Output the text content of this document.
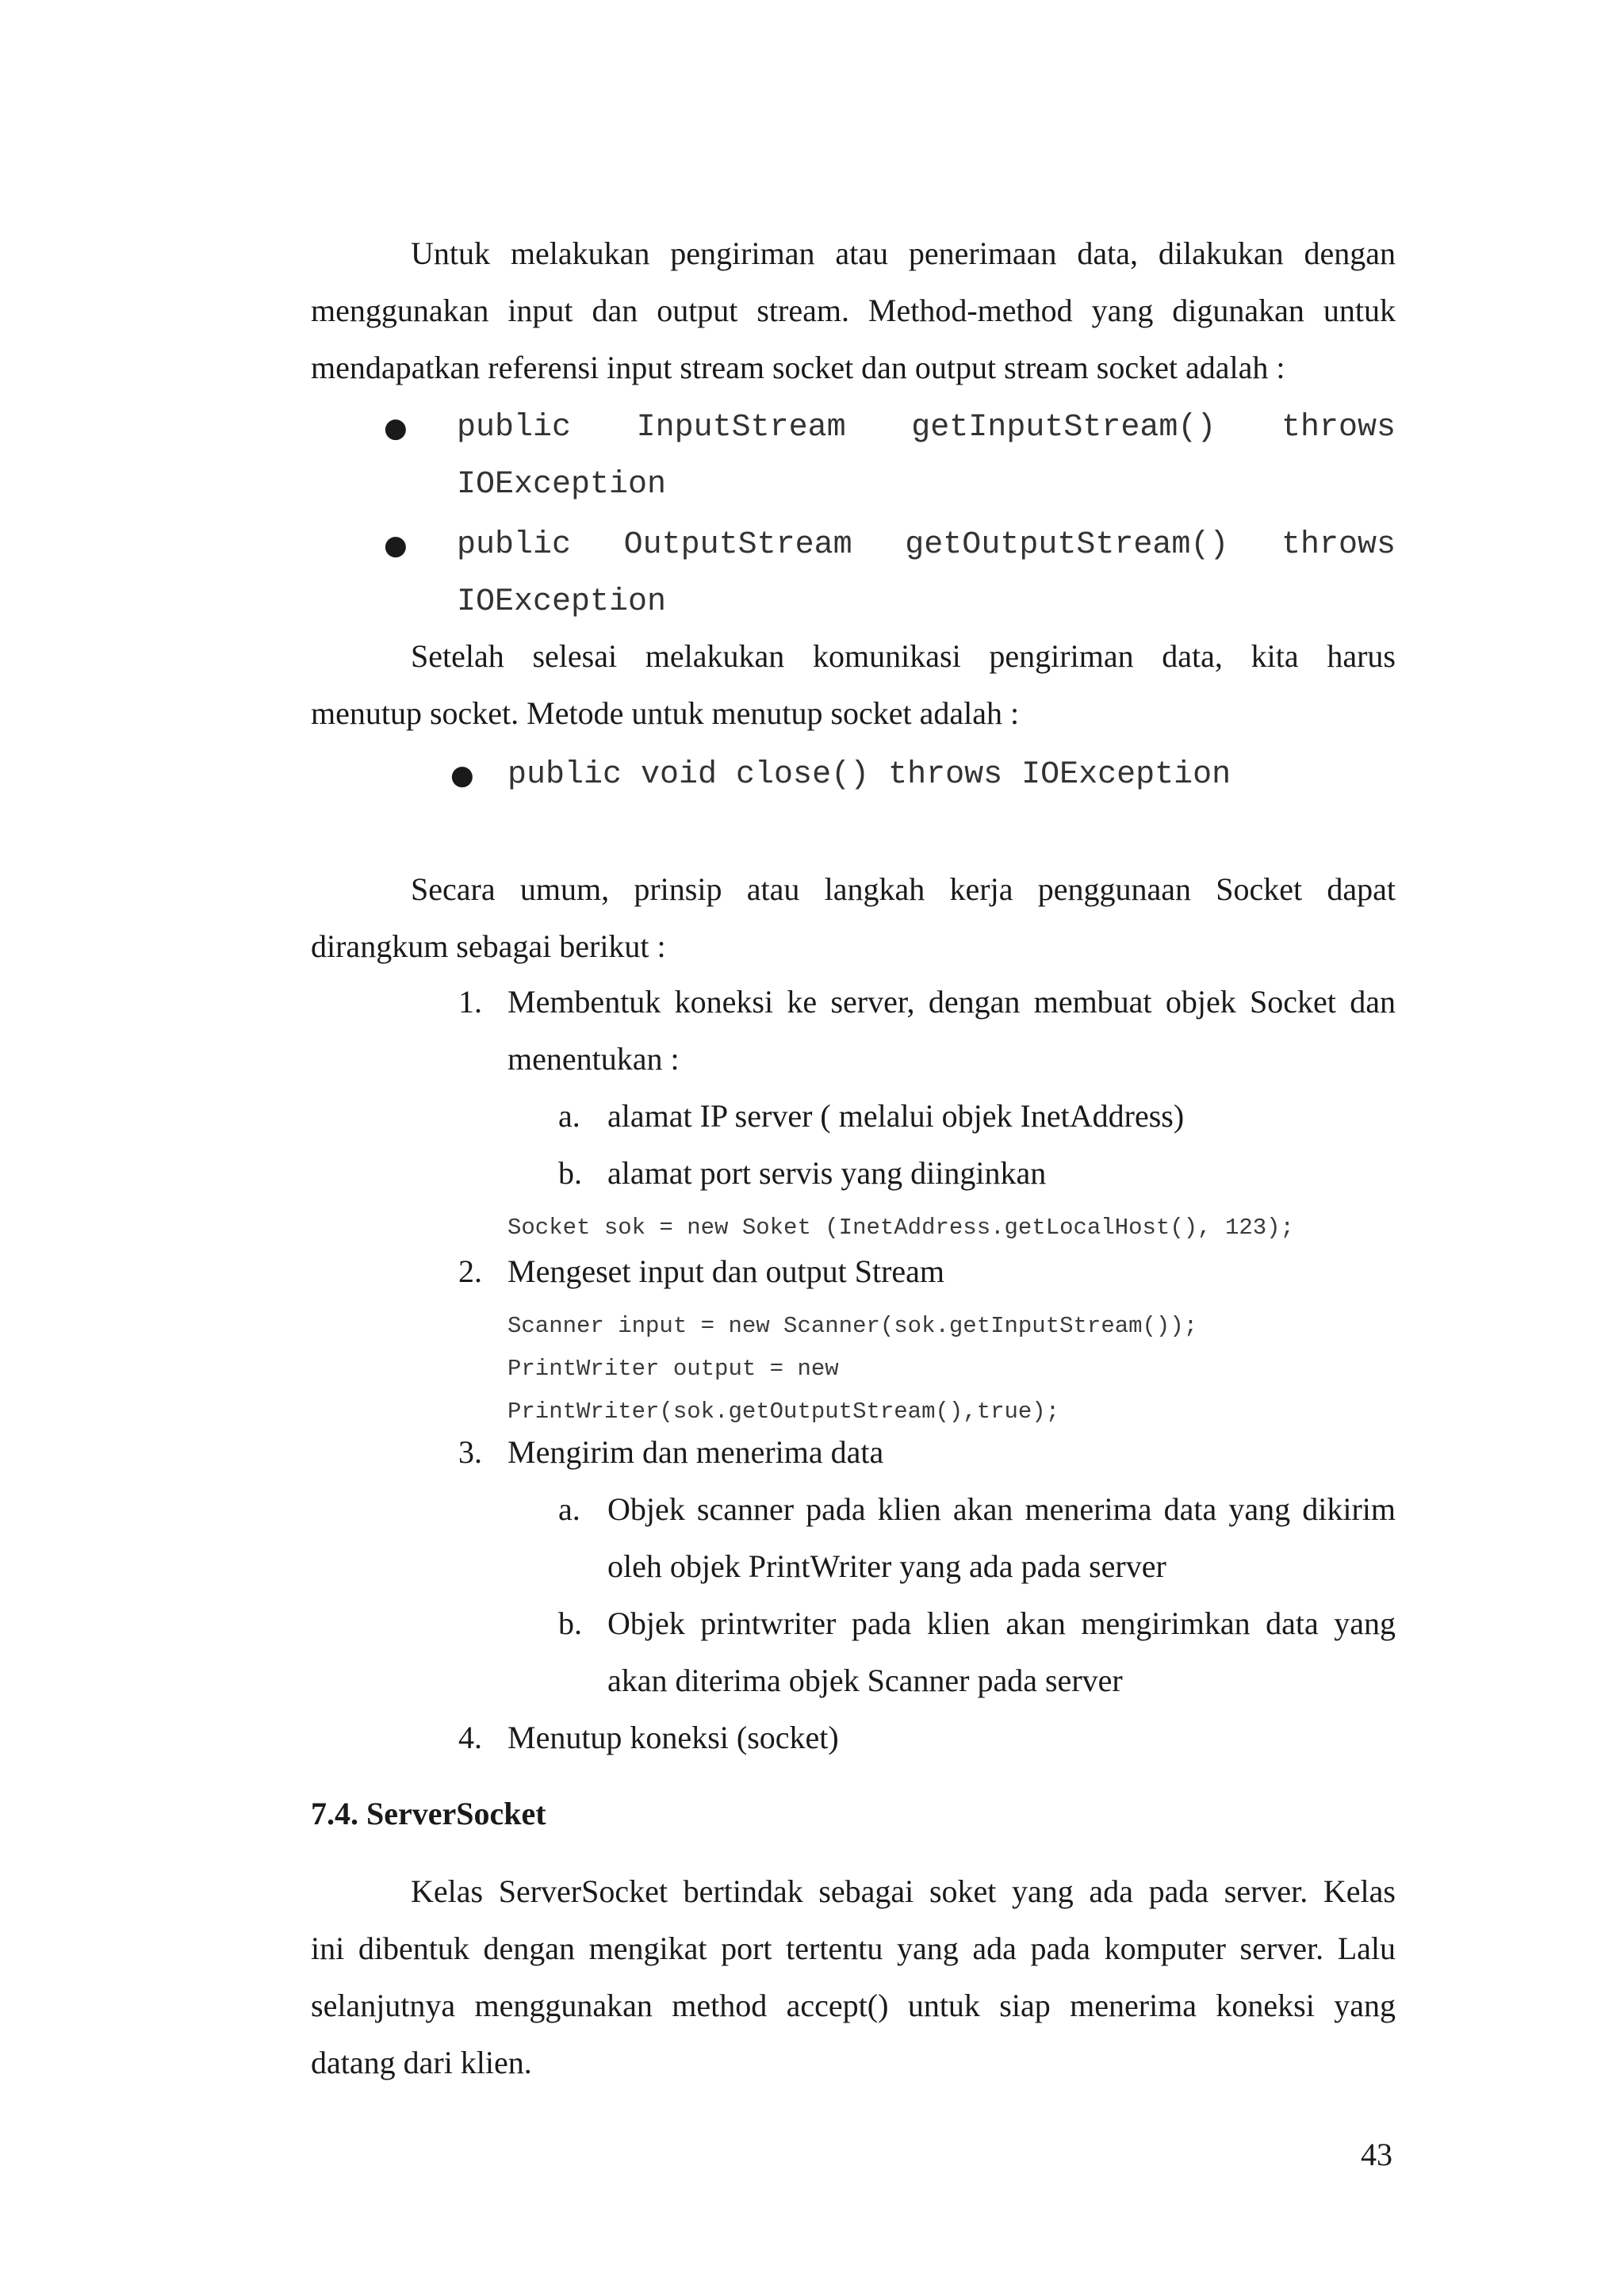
Untuk melakukan pengiriman atau penerimaan data, dilakukan dengan
menggunakan input dan output stream. Method-method yang digunakan untuk
mendapatkan referensi input stream socket dan output stream socket adalah :
●	public InputStream getInputStream() throws
IOException
●	public OutputStream getOutputStream() throws
IOException
Setelah selesai melakukan komunikasi pengiriman data, kita harus
menutup socket. Metode untuk menutup socket adalah :
●	public void close() throws IOException
Secara umum, prinsip atau langkah kerja penggunaan Socket dapat
dirangkum sebagai berikut :
1. Membentuk koneksi ke server, dengan membuat objek Socket dan
menentukan :
a. alamat IP server ( melalui objek InetAddress)
b. alamat port servis yang diinginkan
Socket sok = new Soket (InetAddress.getLocalHost(), 123);
2. Mengeset input dan output Stream
Scanner input = new Scanner(sok.getInputStream());
PrintWriter output = new
PrintWriter(sok.getOutputStream(),true);
3. Mengirim dan menerima data
a. Objek scanner pada klien akan menerima data yang dikirim
oleh objek PrintWriter yang ada pada server
b. Objek printwriter pada klien akan mengirimkan data yang
akan diterima objek Scanner pada server
4. Menutup koneksi (socket)
7.4. ServerSocket
Kelas ServerSocket bertindak sebagai soket yang ada pada server. Kelas
ini dibentuk dengan mengikat port tertentu yang ada pada komputer server. Lalu
selanjutnya menggunakan method accept() untuk siap menerima koneksi yang
datang dari klien.
43
